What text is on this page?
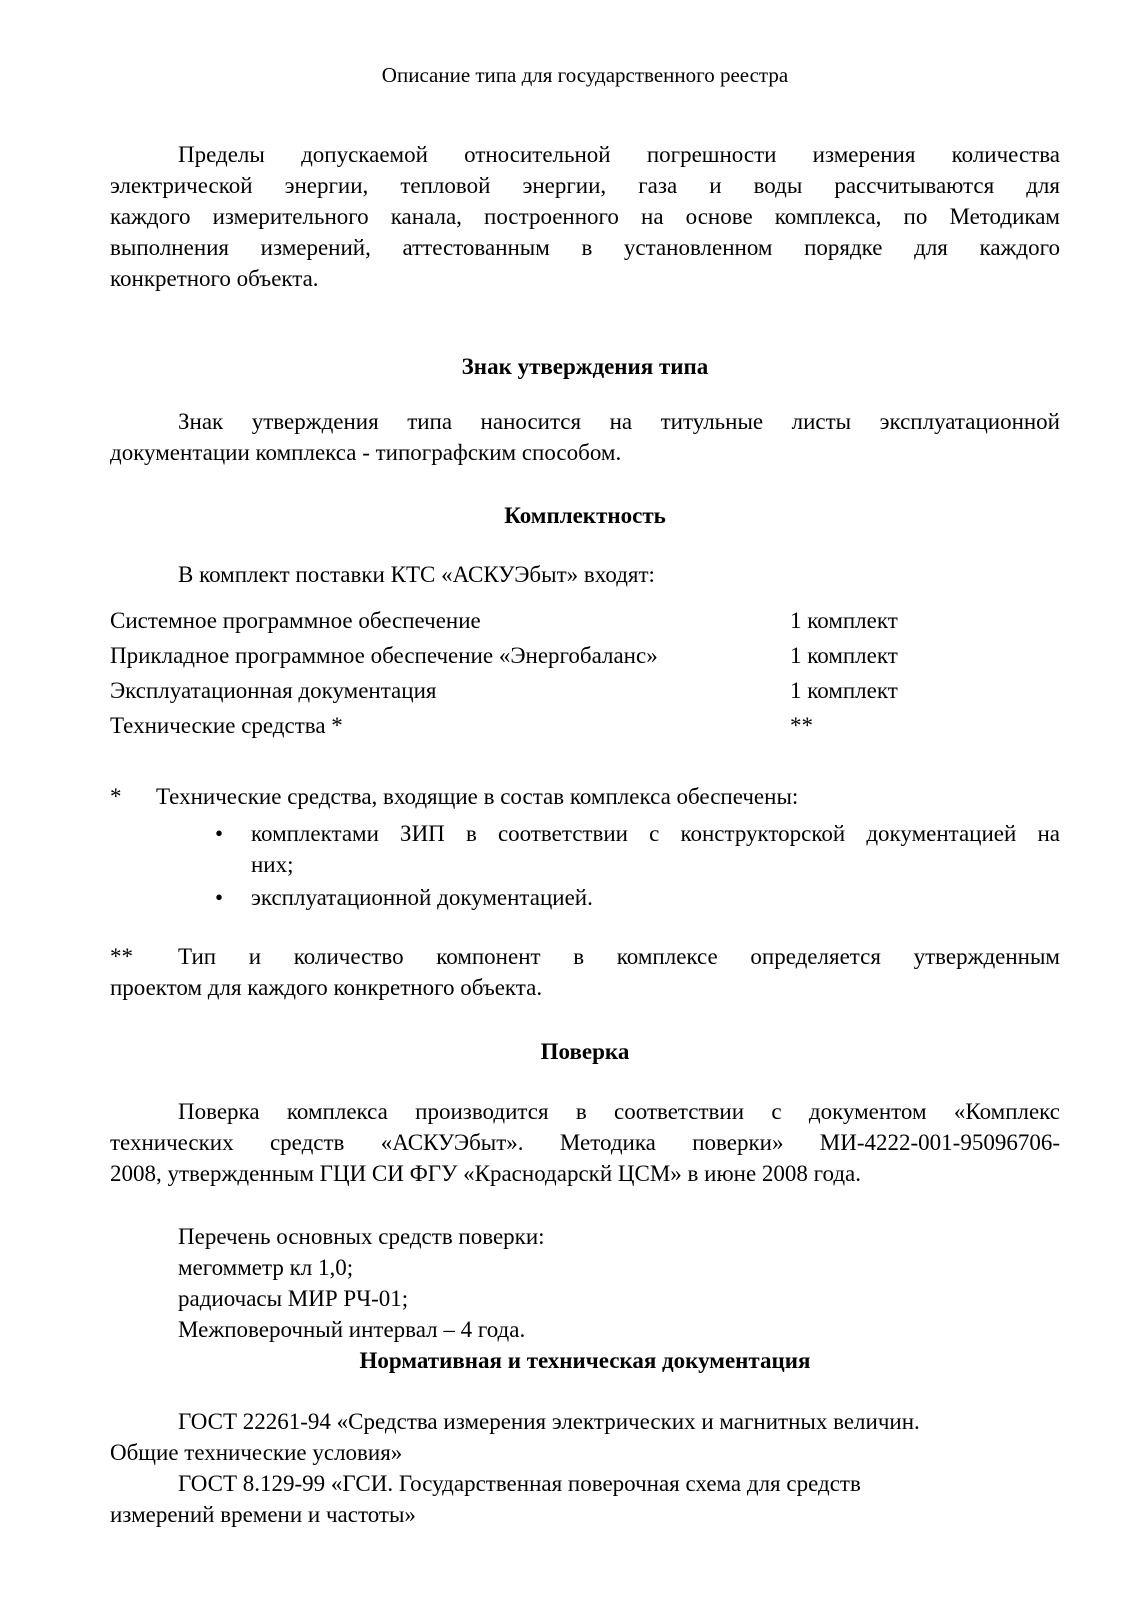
Описание типа для государственного реестра
Пределы допускаемой относительной погрешности измерения количества
электрической энергии, тепловой энергии, газа и воды рассчитываются для
каждого измерительного канала, построенного на основе комплекса, по Методикам
выполнения измерений, аттестованным в установленном порядке для каждого
конкретного объекта.
Знак утверждения типа
Знак утверждения типа наносится на титульные листы эксплуатационной
документации комплекса - типографским способом.
Комплектность
В комплект поставки КТС «АСКУЭбыт» входят:
Системное программное обеспечение	1 комплект
Прикладное программное обеспечение «Энергобаланс»	1 комплект
Эксплуатационная документация	1 комплект
Технические средства *	**
*	Технические средства, входящие в состав комплекса обеспечены:
•	комплектами ЗИП в соответствии с конструкторской документацией на
них;
•	эксплуатационной документацией.
**	Тип и количество компонент в комплексе определяется утвержденным
проектом для каждого конкретного объекта.
Поверка
Поверка комплекса производится в соответствии с документом «Комплекс
технических средств «АСКУЭбыт». Методика поверки» МИ-4222-001-95096706-
2008, утвержденным ГЦИ СИ ФГУ «Краснодарскй ЦСМ» в июне 2008 года.
Перечень основных средств поверки:
мегомметр кл 1,0;
радиочасы МИР РЧ-01;
Межповерочный интервал – 4 года.
Нормативная и техническая документация
ГОСТ 22261-94 «Средства измерения электрических и магнитных величин.
Общие технические условия»
ГОСТ 8.129-99 «ГСИ. Государственная поверочная схема для средств
измерений времени и частоты»
